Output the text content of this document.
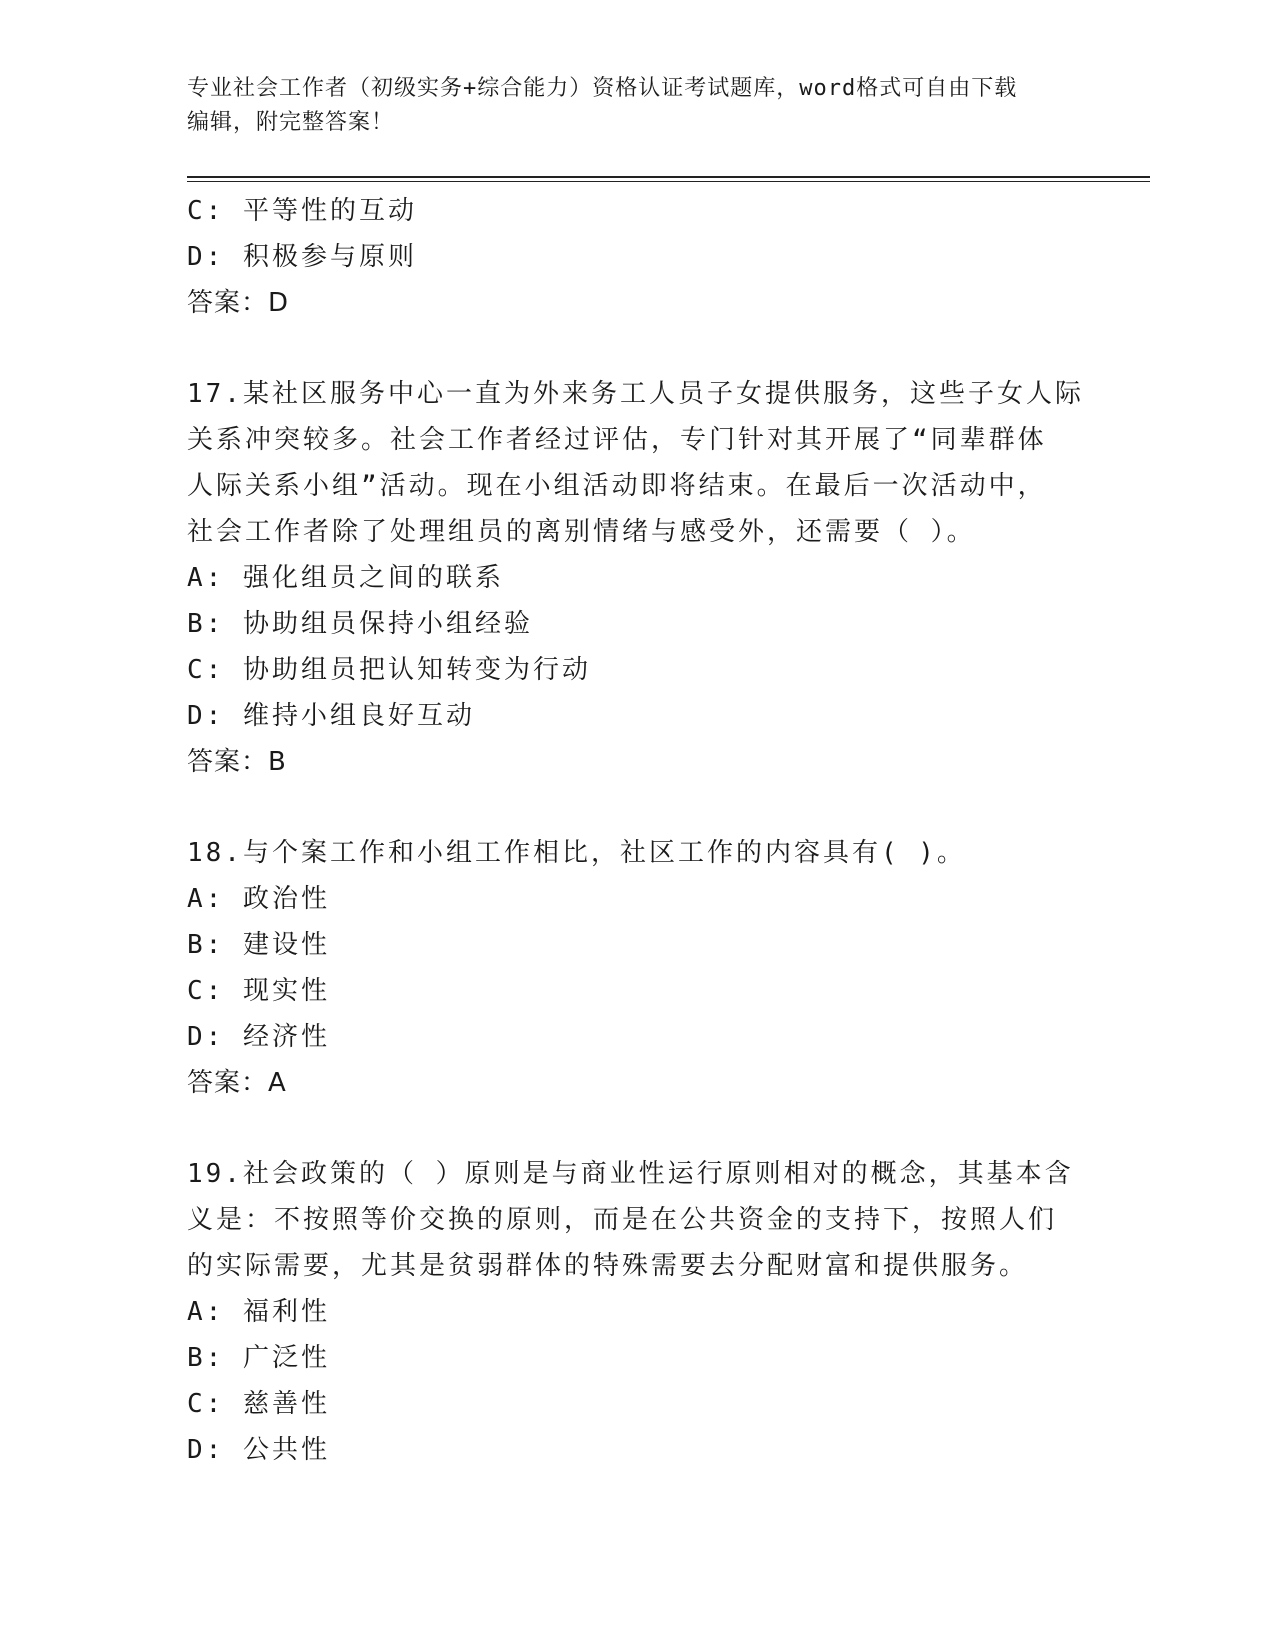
专业社会工作者（初级实务+综合能力）资格认证考试题库，word格式可自由下载
编辑，附完整答案！
C: 平等性的互动
D: 积极参与原则
答案：D
17.某社区服务中心一直为外来务工人员子女提供服务，这些子女人际
关系冲突较多。社会工作者经过评估，专门针对其开展了“同辈群体
人际关系小组”活动。现在小组活动即将结束。在最后一次活动中，
社会工作者除了处理组员的离别情绪与感受外，还需要（ ）。
A: 强化组员之间的联系
B: 协助组员保持小组经验
C: 协助组员把认知转变为行动
D: 维持小组良好互动
答案：B
18.与个案工作和小组工作相比，社区工作的内容具有( )。
A: 政治性
B: 建设性
C: 现实性
D: 经济性
答案：A
19.社会政策的（ ）原则是与商业性运行原则相对的概念，其基本含
义是：不按照等价交换的原则，而是在公共资金的支持下，按照人们
的实际需要，尤其是贫弱群体的特殊需要去分配财富和提供服务。
A: 福利性
B: 广泛性
C: 慈善性
D: 公共性
